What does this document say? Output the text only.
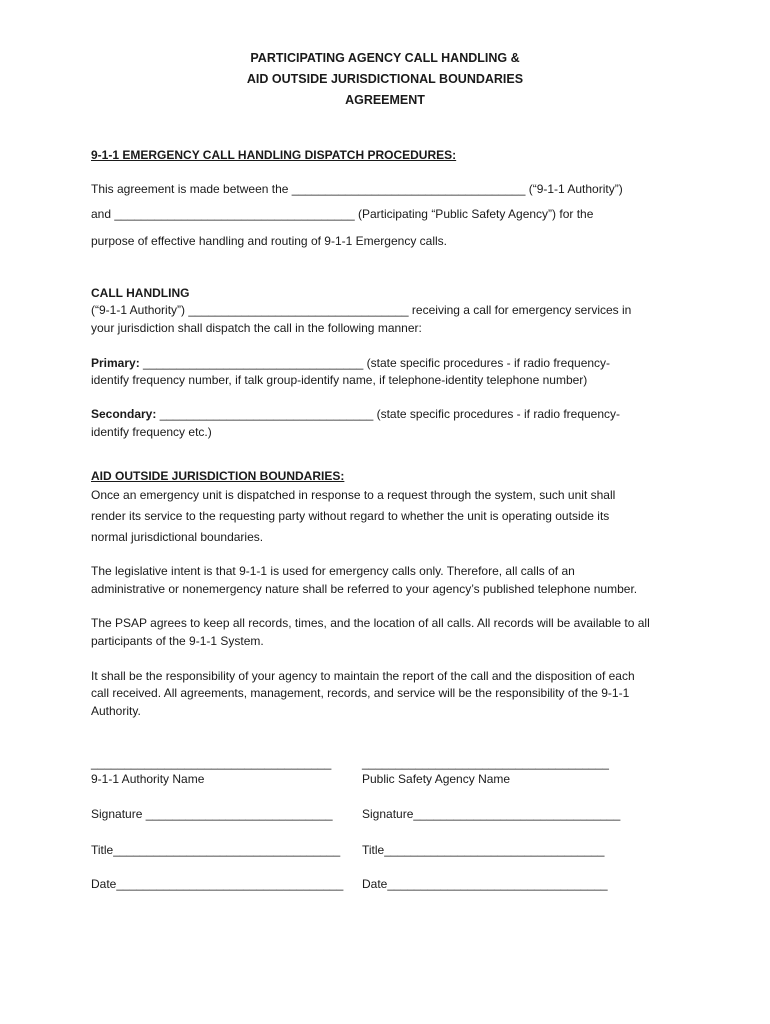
PARTICIPATING AGENCY CALL HANDLING &
AID OUTSIDE JURISDICTIONAL BOUNDARIES
AGREEMENT
9-1-1 EMERGENCY CALL HANDLING DISPATCH PROCEDURES:
This agreement is made between the ___________________________________ (“9-1-1 Authority”)
and ____________________________________ (Participating “Public Safety Agency”) for the
purpose of effective handling and routing of 9-1-1 Emergency calls.
CALL HANDLING
(“9-1-1 Authority”) _________________________________ receiving a call for emergency services in
your jurisdiction shall dispatch the call in the following manner:
Primary: _________________________________ (state specific procedures - if radio frequency-
identify frequency number, if talk group-identify name, if telephone-identity telephone number)
Secondary: ________________________________ (state specific procedures - if radio frequency-
identify frequency etc.)
AID OUTSIDE JURISDICTION BOUNDARIES:
Once an emergency unit is dispatched in response to a request through the system, such unit shall
render its service to the requesting party without regard to whether the unit is operating outside its
normal jurisdictional boundaries.
The legislative intent is that 9-1-1 is used for emergency calls only. Therefore, all calls of an
administrative or nonemergency nature shall be referred to your agency’s published telephone number.
The PSAP agrees to keep all records, times, and the location of all calls. All records will be available to all
participants of the 9-1-1 System.
It shall be the responsibility of your agency to maintain the report of the call and the disposition of each
call received. All agreements, management, records, and service will be the responsibility of the 9-1-1
Authority.
____________________________________	_____________________________________
9-1-1 Authority Name	Public Safety Agency Name
Signature ____________________________ Signature_______________________________
Title__________________________________ Title_________________________________
Date__________________________________ Date_________________________________
